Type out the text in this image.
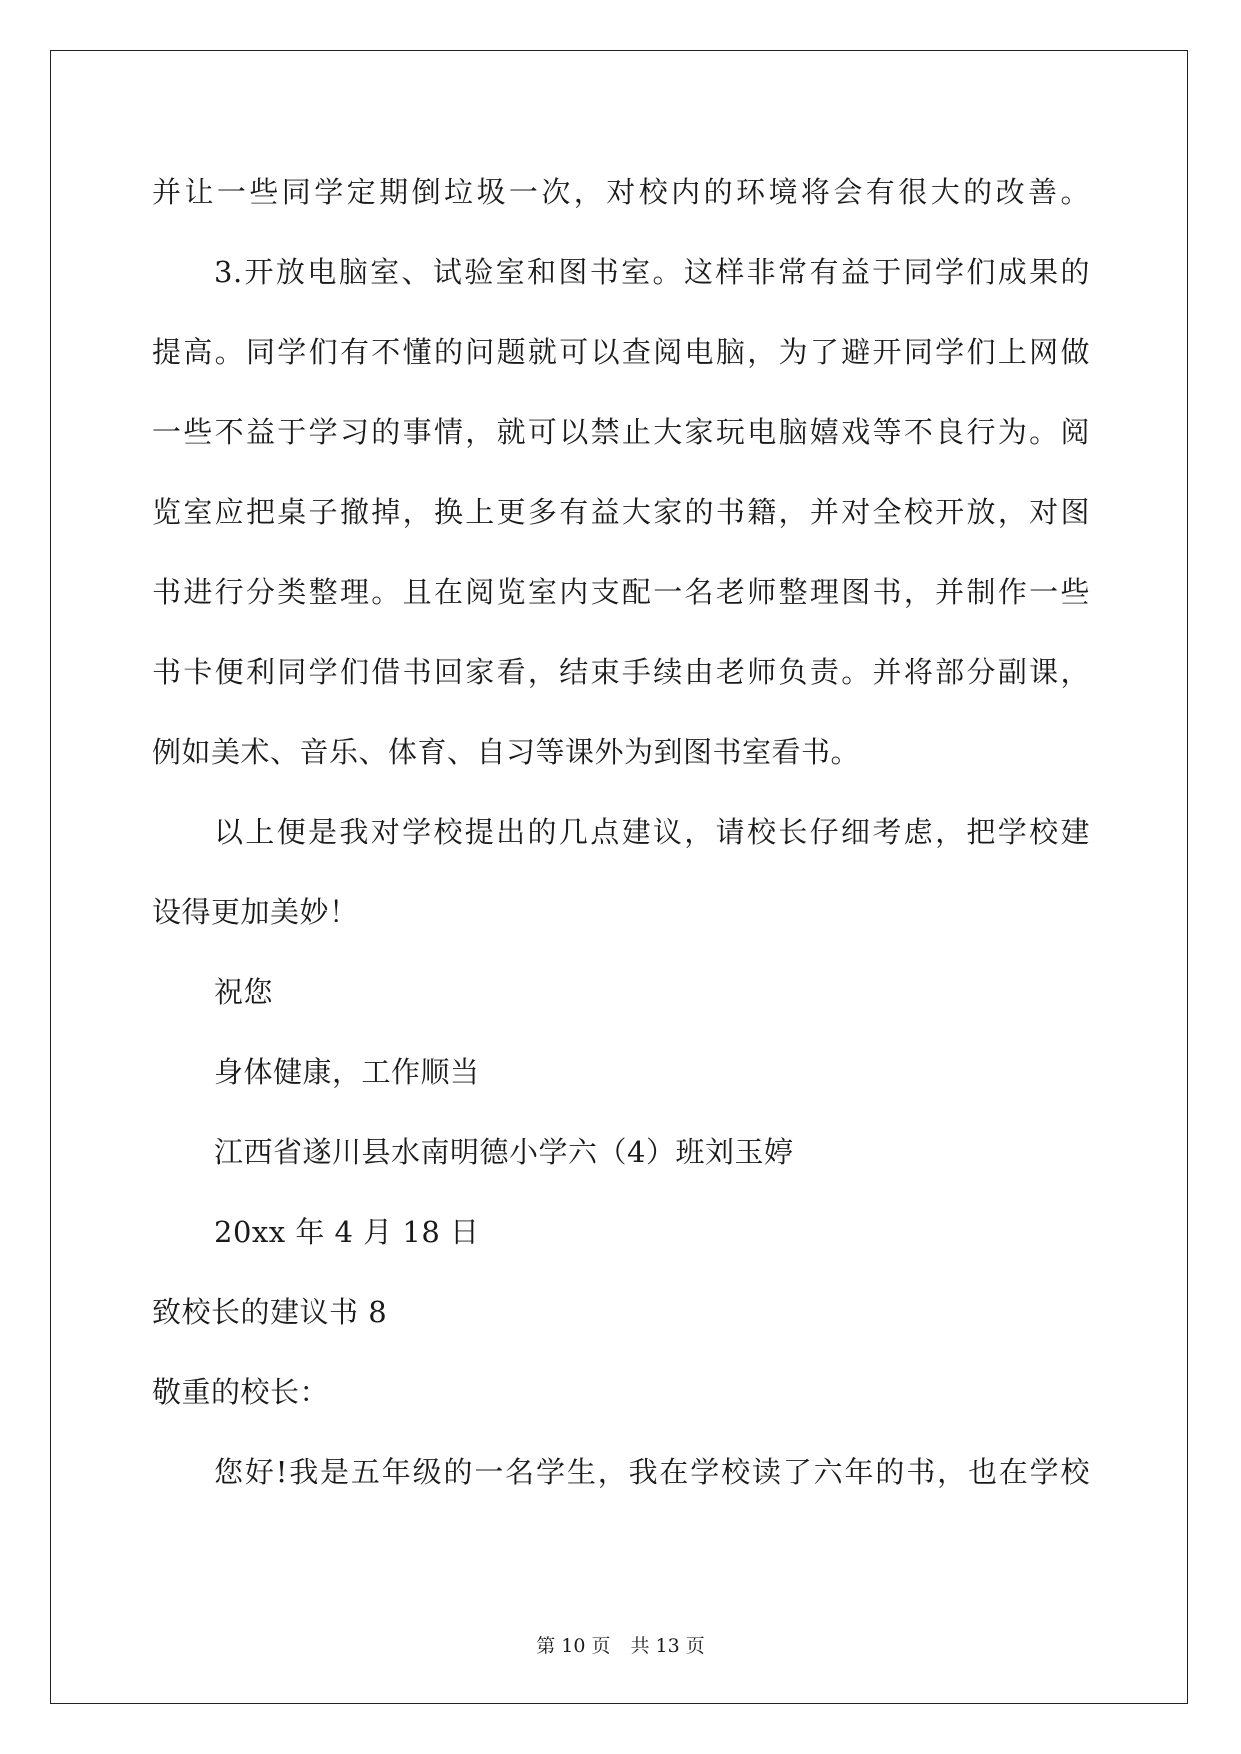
并让一些同学定期倒垃圾一次，对校内的环境将会有很大的改善。
3.开放电脑室、试验室和图书室。这样非常有益于同学们成果的
提高。同学们有不懂的问题就可以查阅电脑，为了避开同学们上网做
一些不益于学习的事情，就可以禁止大家玩电脑嬉戏等不良行为。阅
览室应把桌子撤掉，换上更多有益大家的书籍，并对全校开放，对图
书进行分类整理。且在阅览室内支配一名老师整理图书，并制作一些
书卡便利同学们借书回家看，结束手续由老师负责。并将部分副课，
例如美术、音乐、体育、自习等课外为到图书室看书。
以上便是我对学校提出的几点建议，请校长仔细考虑，把学校建
设得更加美妙！
祝您
身体健康，工作顺当
江西省遂川县水南明德小学六（4）班刘玉婷
20xx 年 4 月 18 日
致校长的建议书 8
敬重的校长：
您好!我是五年级的一名学生，我在学校读了六年的书，也在学校
第 10 页 共 13 页
